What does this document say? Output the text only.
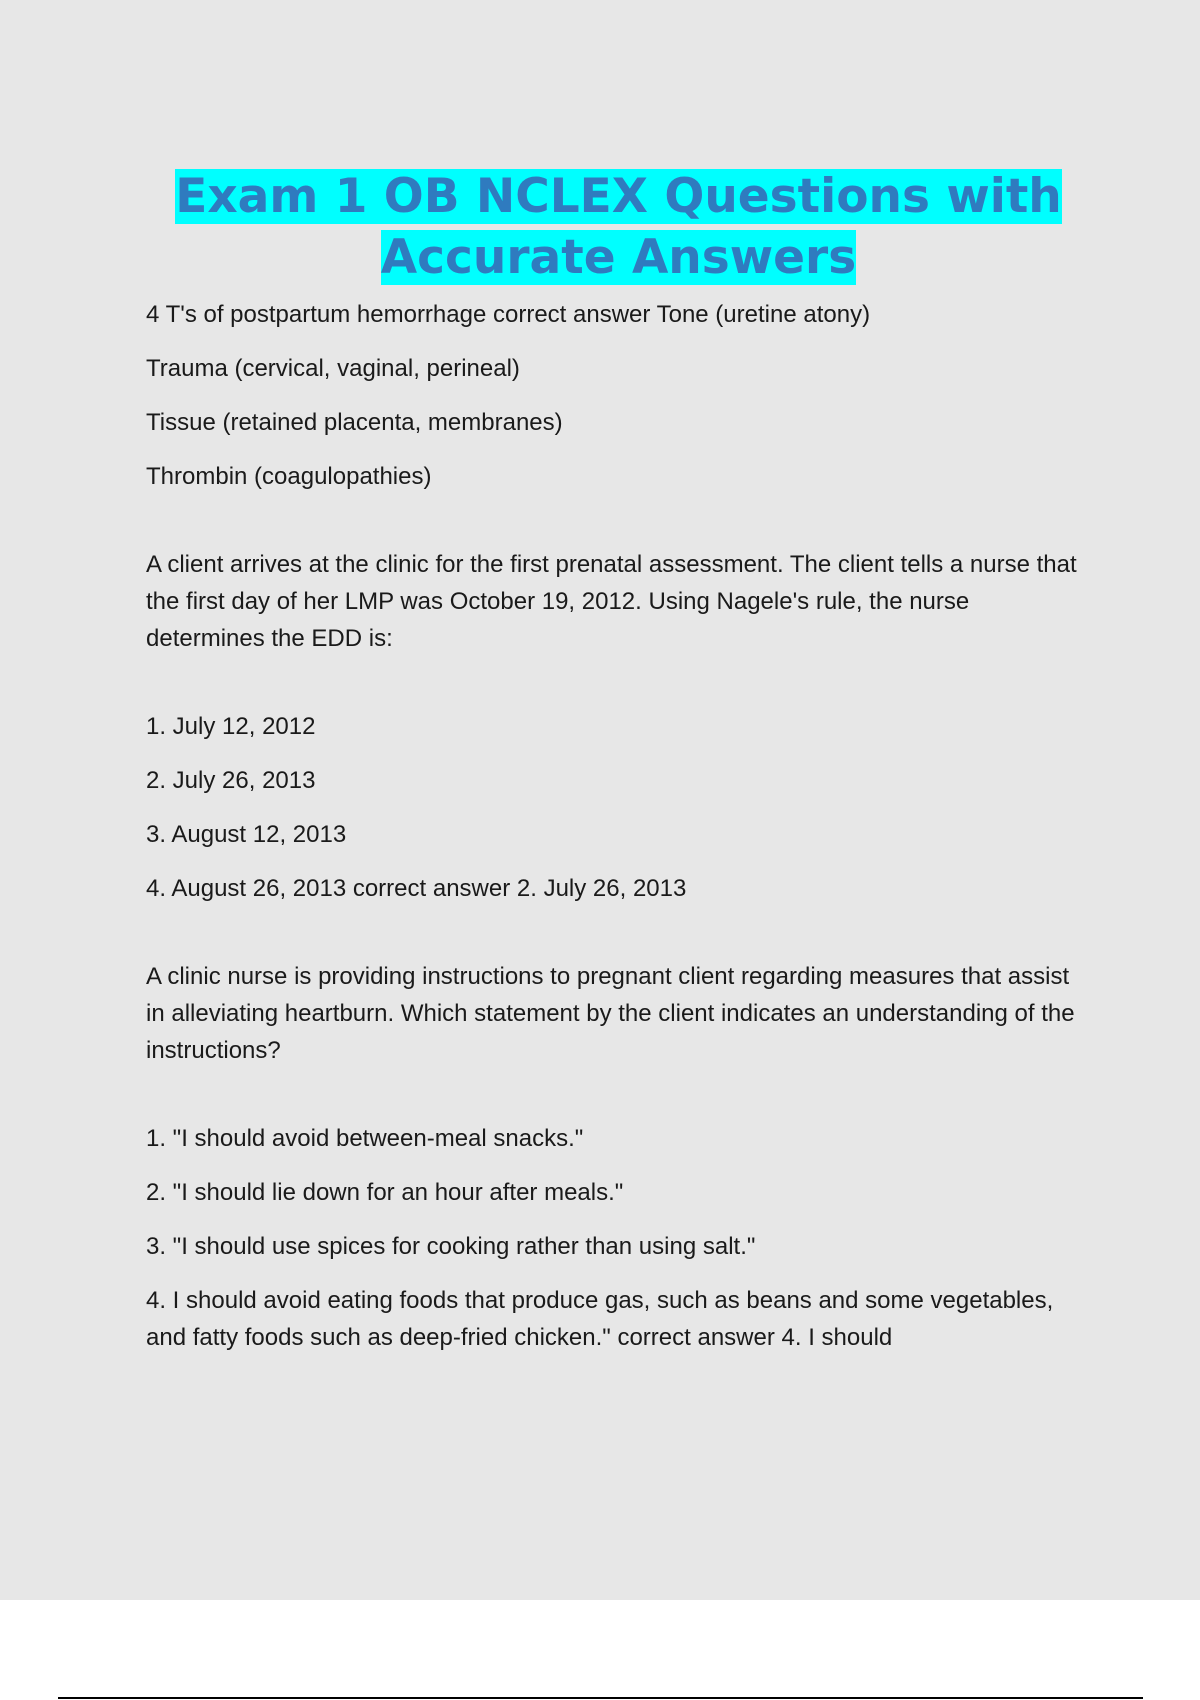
Exam 1 OB NCLEX Questions with Accurate Answers

4 T's of postpartum hemorrhage correct answer Tone (uretine atony)

Trauma (cervical, vaginal, perineal)

Tissue (retained placenta, membranes)

Thrombin (coagulopathies)

A client arrives at the clinic for the first prenatal assessment. The client tells a nurse that the first day of her LMP was October 19, 2012. Using Nagele's rule, the nurse determines the EDD is:

1. July 12, 2012

2. July 26, 2013

3. August 12, 2013

4. August 26, 2013 correct answer 2. July 26, 2013

A clinic nurse is providing instructions to pregnant client regarding measures that assist in alleviating heartburn. Which statement by the client indicates an understanding of the instructions?

1. "I should avoid between-meal snacks."

2. "I should lie down for an hour after meals."

3. "I should use spices for cooking rather than using salt."

4. I should avoid eating foods that produce gas, such as beans and some vegetables, and fatty foods such as deep-fried chicken." correct answer 4. I should
